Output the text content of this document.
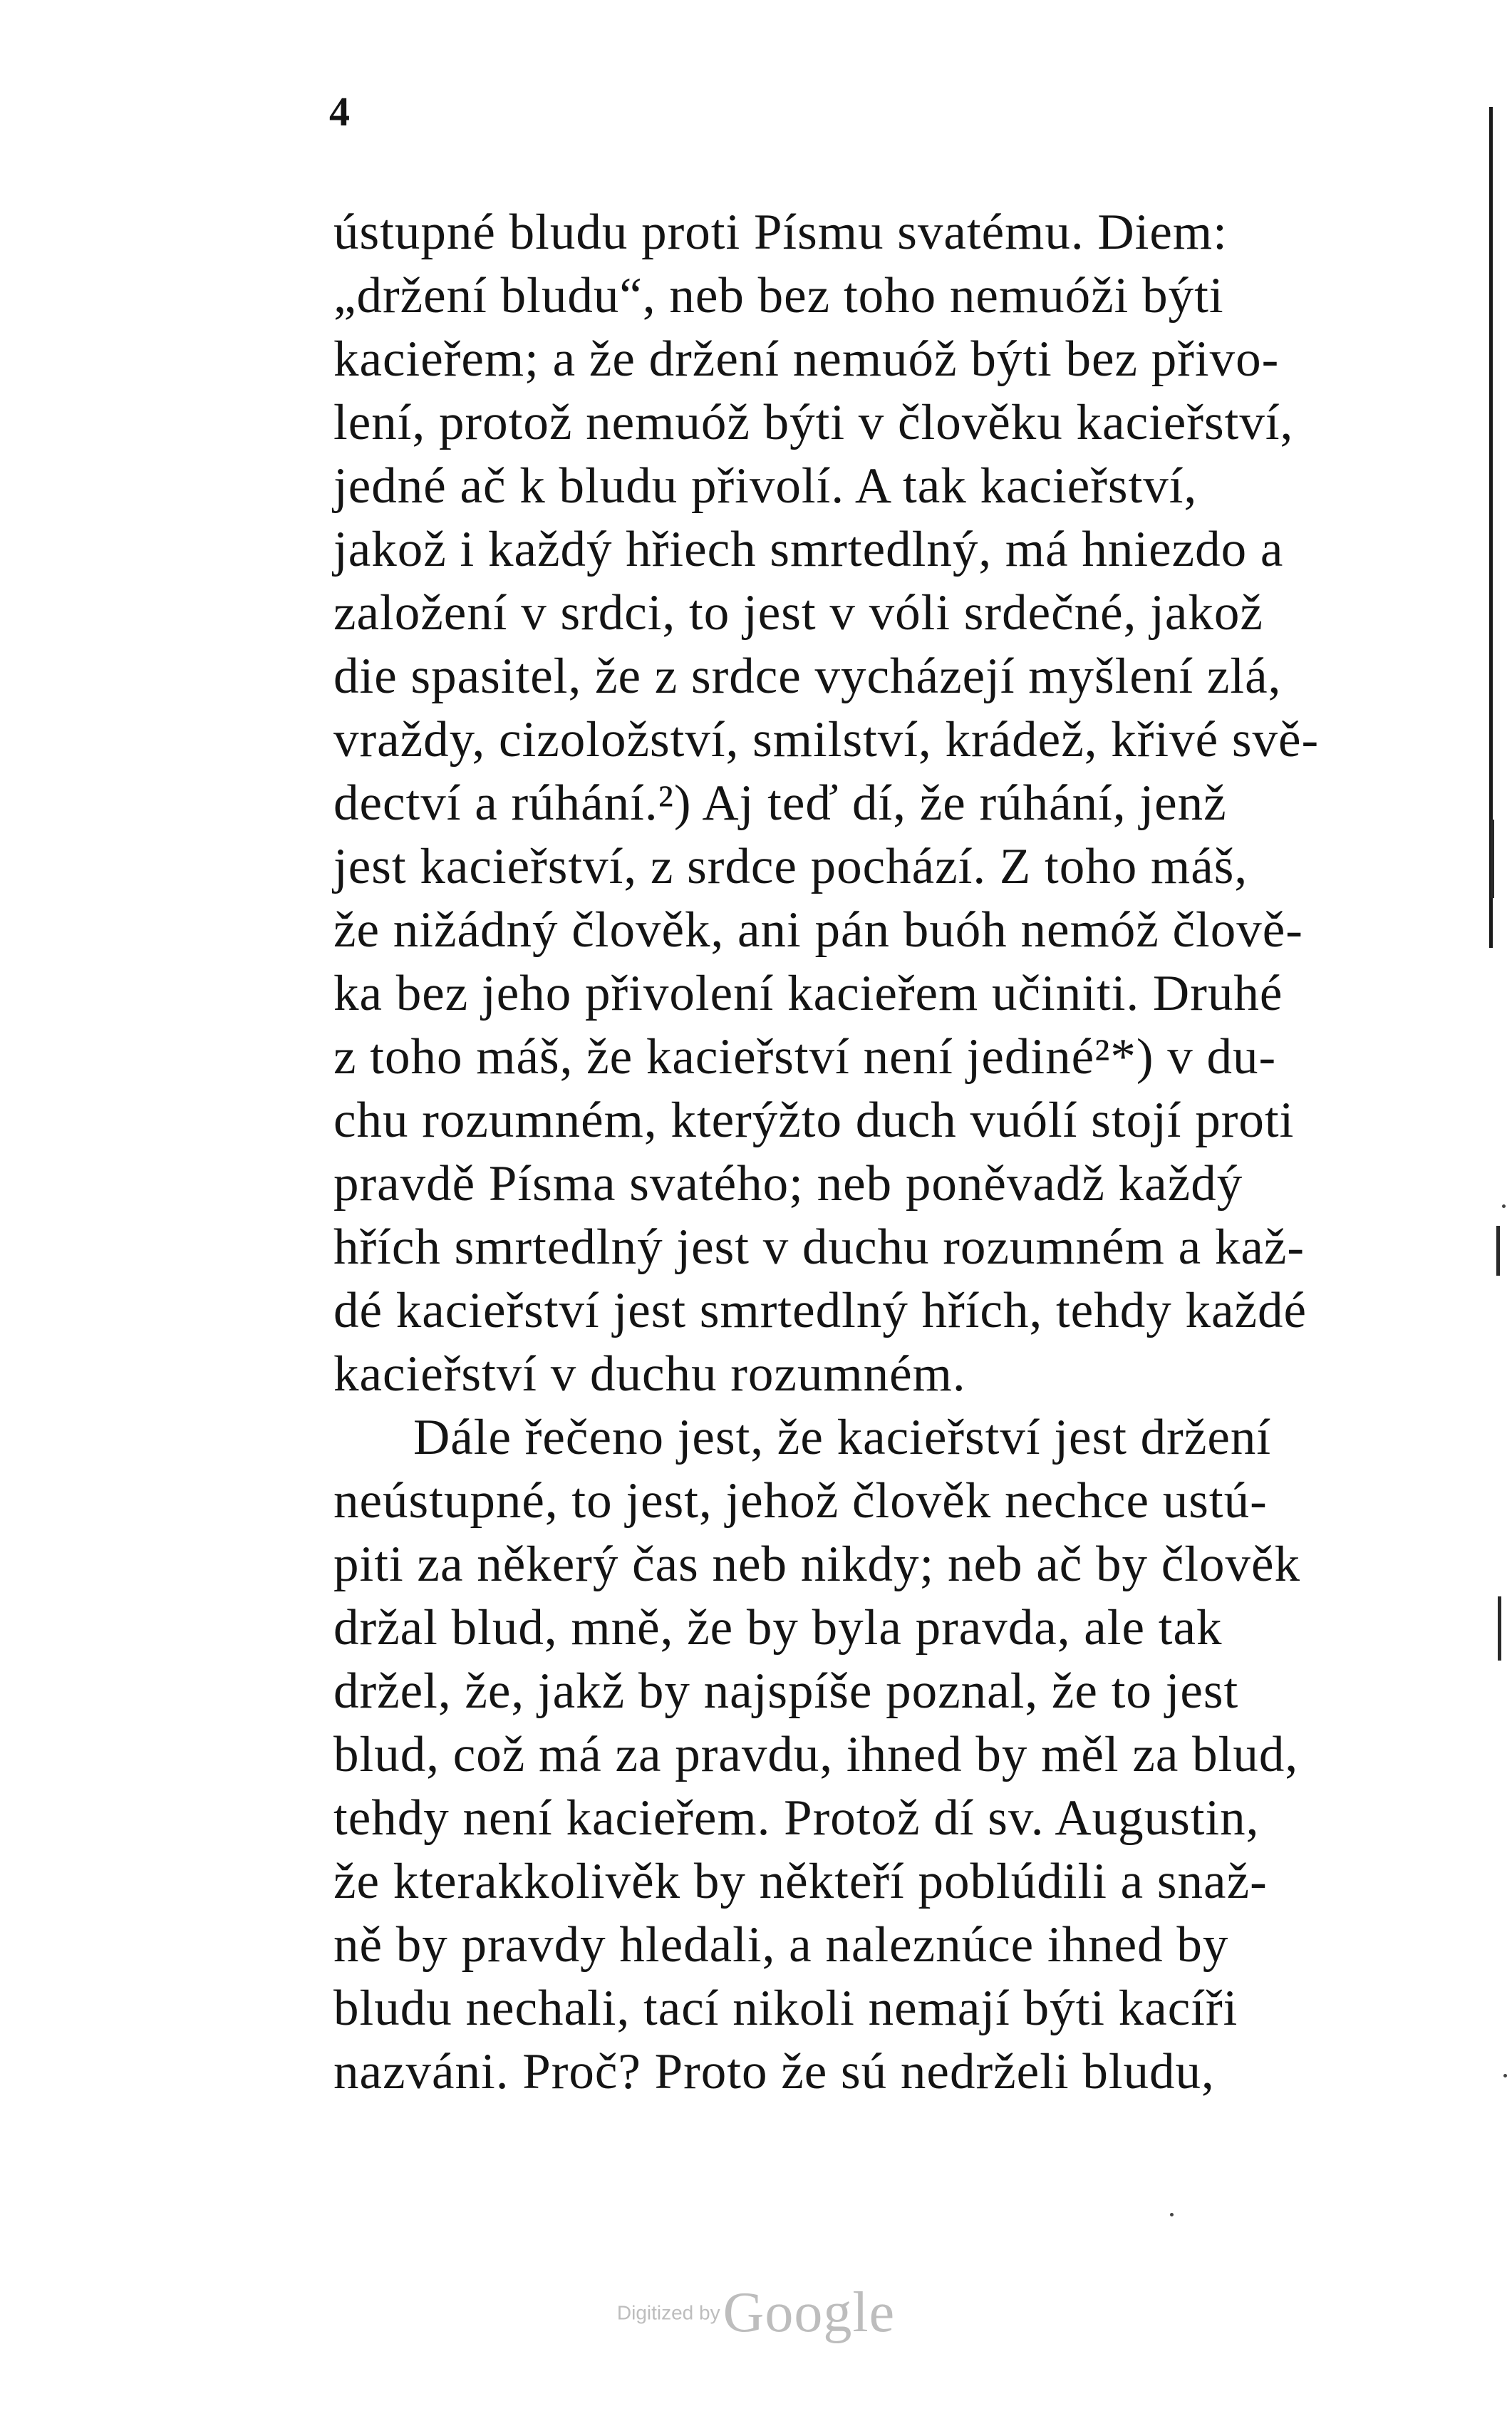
4
ústupné bludu proti Písmu svatému. Diem:
„držení bludu“, neb bez toho nemuóži býti
kacieřem; a že držení nemuóž býti bez přivo-
lení, protož nemuóž býti v člověku kacieřství,
jedné ač k bludu přivolí. A tak kacieřství,
jakož i každý hřiech smrtedlný, má hniezdo a
založení v srdci, to jest v vóli srdečné, jakož
die spasitel, že z srdce vycházejí myšlení zlá,
vraždy, cizoložství, smilství, krádež, křivé svě-
dectví a rúhání.²) Aj teď dí, že rúhání, jenž
jest kacieřství, z srdce pochází. Z toho máš,
že nižádný člověk, ani pán buóh nemóž člově-
ka bez jeho přivolení kacieřem učiniti. Druhé
z toho máš, že kacieřství není jediné²*) v du-
chu rozumném, kterýžto duch vuólí stojí proti
pravdě Písma svatého; neb poněvadž každý
hřích smrtedlný jest v duchu rozumném a kaž-
dé kacieřství jest smrtedlný hřích, tehdy každé
kacieřství v duchu rozumném.
Dále řečeno jest, že kacieřství jest držení
neústupné, to jest, jehož člověk nechce ustú-
piti za někerý čas neb nikdy; neb ač by člověk
držal blud, mně, že by byla pravda, ale tak
držel, že, jakž by najspíše poznal, že to jest
blud, což má za pravdu, ihned by měl za blud,
tehdy není kacieřem. Protož dí sv. Augustin,
že kterakkolivěk by někteří poblúdili a snaž-
ně by pravdy hledali, a naleznúce ihned by
bludu nechali, tací nikoli nemají býti kacíři
nazváni. Proč? Proto že sú nedrželi bludu,
Digitized by Google
